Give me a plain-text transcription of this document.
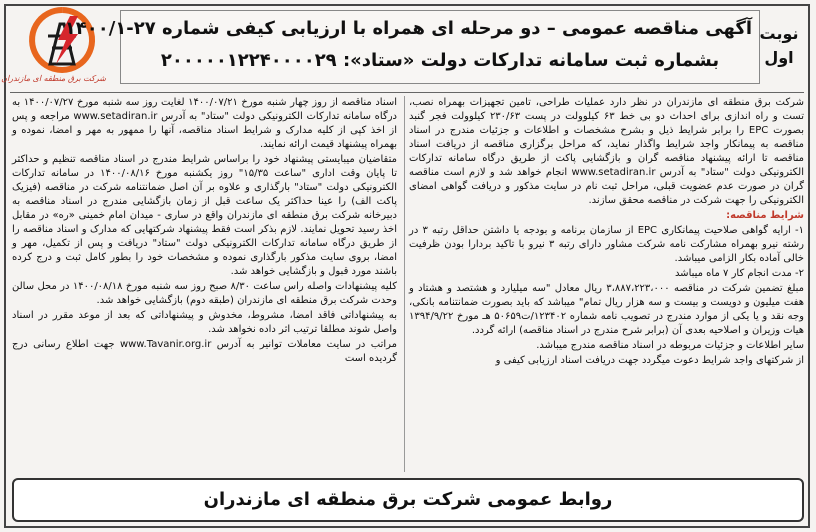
شرکت برق منطقه ای مازندران
آگهی مناقصه عمومی – دو مرحله ای همراه با ارزیابی کیفی شماره ۲۷-۱۴۰۰/۱
بشماره ثبت سامانه تدارکات دولت «ستاد»: ۲۰۰۰۰۰۱۲۲۴۰۰۰۰۲۹
نوبت
اول

شرکت برق منطقه ای مازندران در نظر دارد عملیات طراحی، تامین تجهیزات بهمراه نصب، تست و راه اندازی برای احداث دو بی خط ۶۳ کیلوولت در پست ۲۳۰/۶۳ کیلوولت فجر گنبد بصورت EPC را برابر شرایط ذیل و بشرح مشخصات و اطلاعات و جزئیات مندرج در اسناد مناقصه به پیمانکار واجد شرایط واگذار نماید، که مراحل برگزاری مناقصه از دریافت اسناد مناقصه تا ارائه پیشنهاد مناقصه گران و بازگشایی پاکت از طریق درگاه سامانه تدارکات الکترونیکی دولت "ستاد" به آدرس www.setadiran.ir انجام خواهد شد و لازم است مناقصه گران در صورت عدم عضویت قبلی، مراحل ثبت نام در سایت مذکور و دریافت گواهی امضای الکترونیکی را جهت شرکت در مناقصه محقق سازند.

شرایط مناقصه:

۱- ارایه گواهی صلاحیت پیمانکاری EPC از سازمان برنامه و بودجه یا داشتن حداقل رتبه ۳ در رشته نیرو بهمراه مشارکت نامه شرکت مشاور دارای رتبه ۳ نیرو با تاکید بردارا بودن ظرفیت خالی آماده بکار الزامی میباشد.

۲- مدت انجام کار ۷ ماه میباشد

مبلغ تضمین شرکت در مناقصه ۳،۸۸۷،۲۲۳،۰۰۰ ریال معادل "سه میلیارد و هشتصد و هشتاد و هفت میلیون و دویست و بیست و سه هزار ریال تمام" میباشد که باید بصورت ضمانتنامه بانکی، وجه نقد و یا یکی از موارد مندرج در تصویب نامه شماره ۱۲۳۴۰۲/ت۵۰۶۵۹ هـ مورخ ۱۳۹۴/۹/۲۲ هیات وزیران و اصلاحیه بعدی آن (برابر شرح مندرج در اسناد مناقصه) ارائه گردد.

سایر اطلاعات و جزئیات مربوطه در اسناد مناقصه مندرج میباشد.

از شرکتهای واجد شرایط دعوت میگردد جهت دریافت اسناد ارزیابی کیفی و

اسناد مناقصه از روز چهار شنبه مورخ ۱۴۰۰/۰۷/۲۱ لغایت روز سه شنبه مورخ ۱۴۰۰/۰۷/۲۷ به درگاه سامانه تدارکات الکترونیکی دولت "ستاد" به آدرس www.setadiran.ir مراجعه و پس از اخذ کپی از کلیه مدارک و شرایط اسناد مناقصه، آنها را ممهور به مهر و امضا، نموده و بهمراه پیشنهاد قیمت ارائه نمایند.

متقاضیان میبایستی پیشنهاد خود را براساس شرایط مندرج در اسناد مناقصه تنظیم و حداکثر تا پایان وقت اداری "ساعت ۱۵/۳۵" روز یکشنبه مورخ ۱۴۰۰/۰۸/۱۶ در سامانه تدارکات الکترونیکی دولت "ستاد" بارگذاری و علاوه بر آن اصل ضمانتنامه شرکت در مناقصه (فیزیک پاکت الف) را عینا حداکثر یک ساعت قبل از زمان بازگشایی مندرج در اسناد مناقصه به دبیرخانه شرکت برق منطقه ای مازندران واقع در ساری - میدان امام خمینی «ره» در مقابل اخذ رسید تحویل نمایند. لازم بذکر است فقط پیشنهاد شرکتهایی که مدارک و اسناد مناقصه را از طریق درگاه سامانه تدارکات الکترونیکی دولت "ستاد" دریافت و پس از تکمیل، مهر و امضا، بروی سایت مذکور بارگذاری نموده و مشخصات خود را بطور کامل ثبت و درج کرده باشند مورد قبول و بازگشایی خواهد شد.

کلیه پیشنهادات واصله راس ساعت ۸/۳۰ صبح روز سه شنبه مورخ ۱۴۰۰/۰۸/۱۸ در محل سالن وحدت شرکت برق منطقه ای مازندران (طبقه دوم) بازگشایی خواهد شد.

به پیشنهاداتی فاقد امضا، مشروط، مخدوش و پیشنهاداتی که بعد از موعد مقرر در اسناد واصل شوند مطلقا ترتیب اثر داده نخواهد شد.

مراتب در سایت معاملات توانیر به آدرس www.Tavanir.org.ir جهت اطلاع رسانی درج گردیده است

روابط عمومی شرکت برق منطقه ای مازندران
